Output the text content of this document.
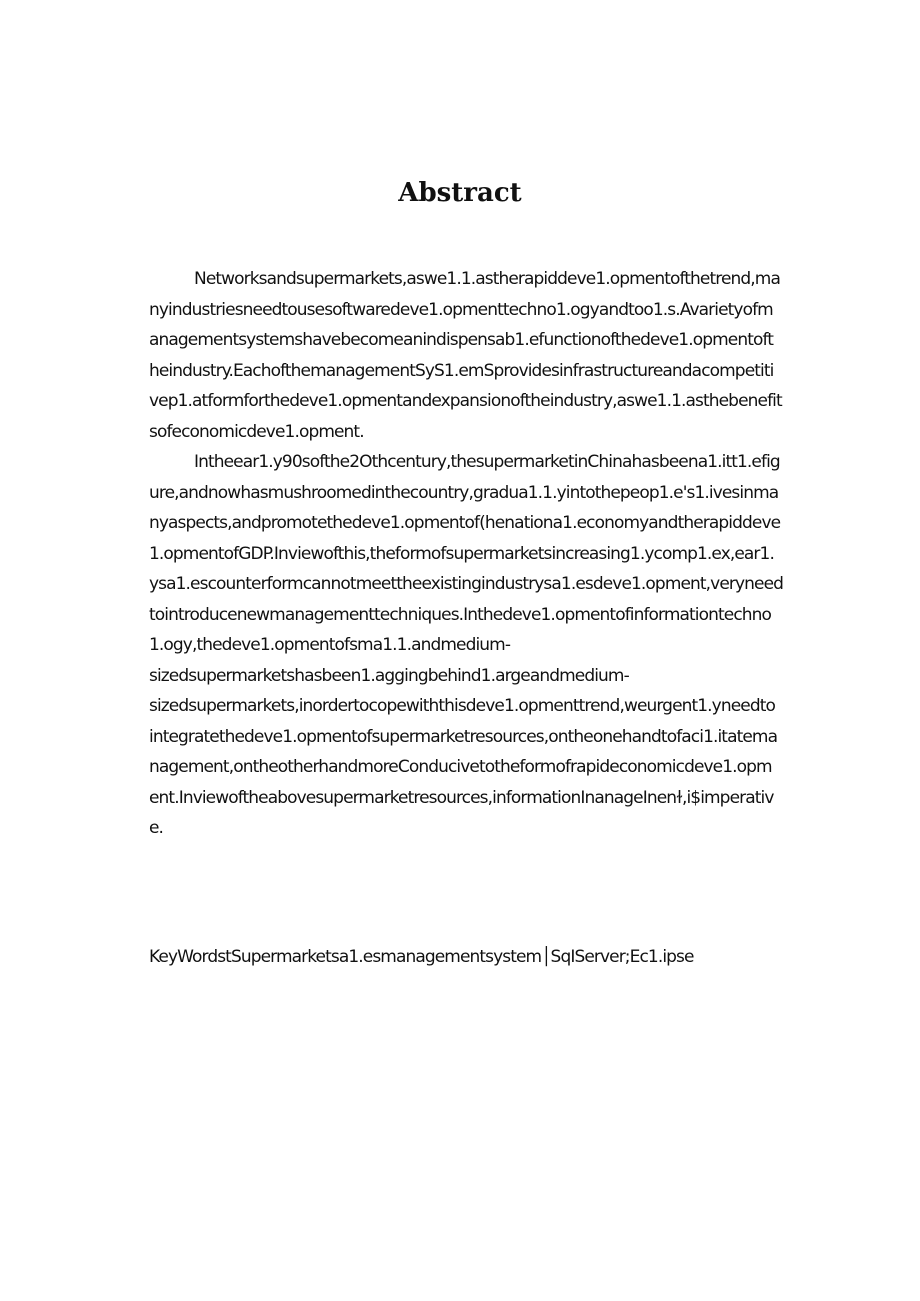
Abstract
Networksandsupermarkets,aswe1.1.astherapiddeve1.opmentofthetrend,ma
nyindustriesneedtousesoftwaredeve1.opmenttechno1.ogyandtoo1.s.Avarietyofm
anagementsystemshavebecomeanindispensab1.efunctionofthedeve1.opmentoft
heindustry.EachofthemanagementSyS1.emSprovidesinfrastructureandacompetiti
vep1.atformforthedeve1.opmentandexpansionoftheindustry,aswe1.1.asthebenefit
sofeconomicdeve1.opment.
Intheear1.y90softhe2Othcentury,thesupermarketinChinahasbeena1.itt1.efig
ure,andnowhasmushroomedinthecountry,gradua1.1.yintothepeop1.e's1.ivesinma
nyaspects,andpromotethedeve1.opmentof(henationa1.economyandtherapiddeve
1.opmentofGDP.Inviewofthis,theformofsupermarketsincreasing1.ycomp1.ex,ear1.
ysa1.escounterformcannotmeettheexistingindustrysa1.esdeve1.opment,veryneed
tointroducenewmanagementtechniques.Inthedeve1.opmentofinformationtechno
1.ogy,thedeve1.opmentofsma1.1.andmedium-
sizedsupermarketshasbeen1.aggingbehind1.argeandmedium-
sizedsupermarkets,inordertocopewiththisdeve1.opmenttrend,weurgent1.yneedto
integratethedeve1.opmentofsupermarketresources,ontheonehandtofaci1.itatema
nagement,ontheotherhandmoreConducivetotheformofrapideconomicdeve1.opm
ent.Inviewoftheabovesupermarketresources,informationInanageInenɫ,i$imperativ
e.
KeyWordstSupermarketsa1.esmanagementsystem│SqIServer;Ec1.ipse
